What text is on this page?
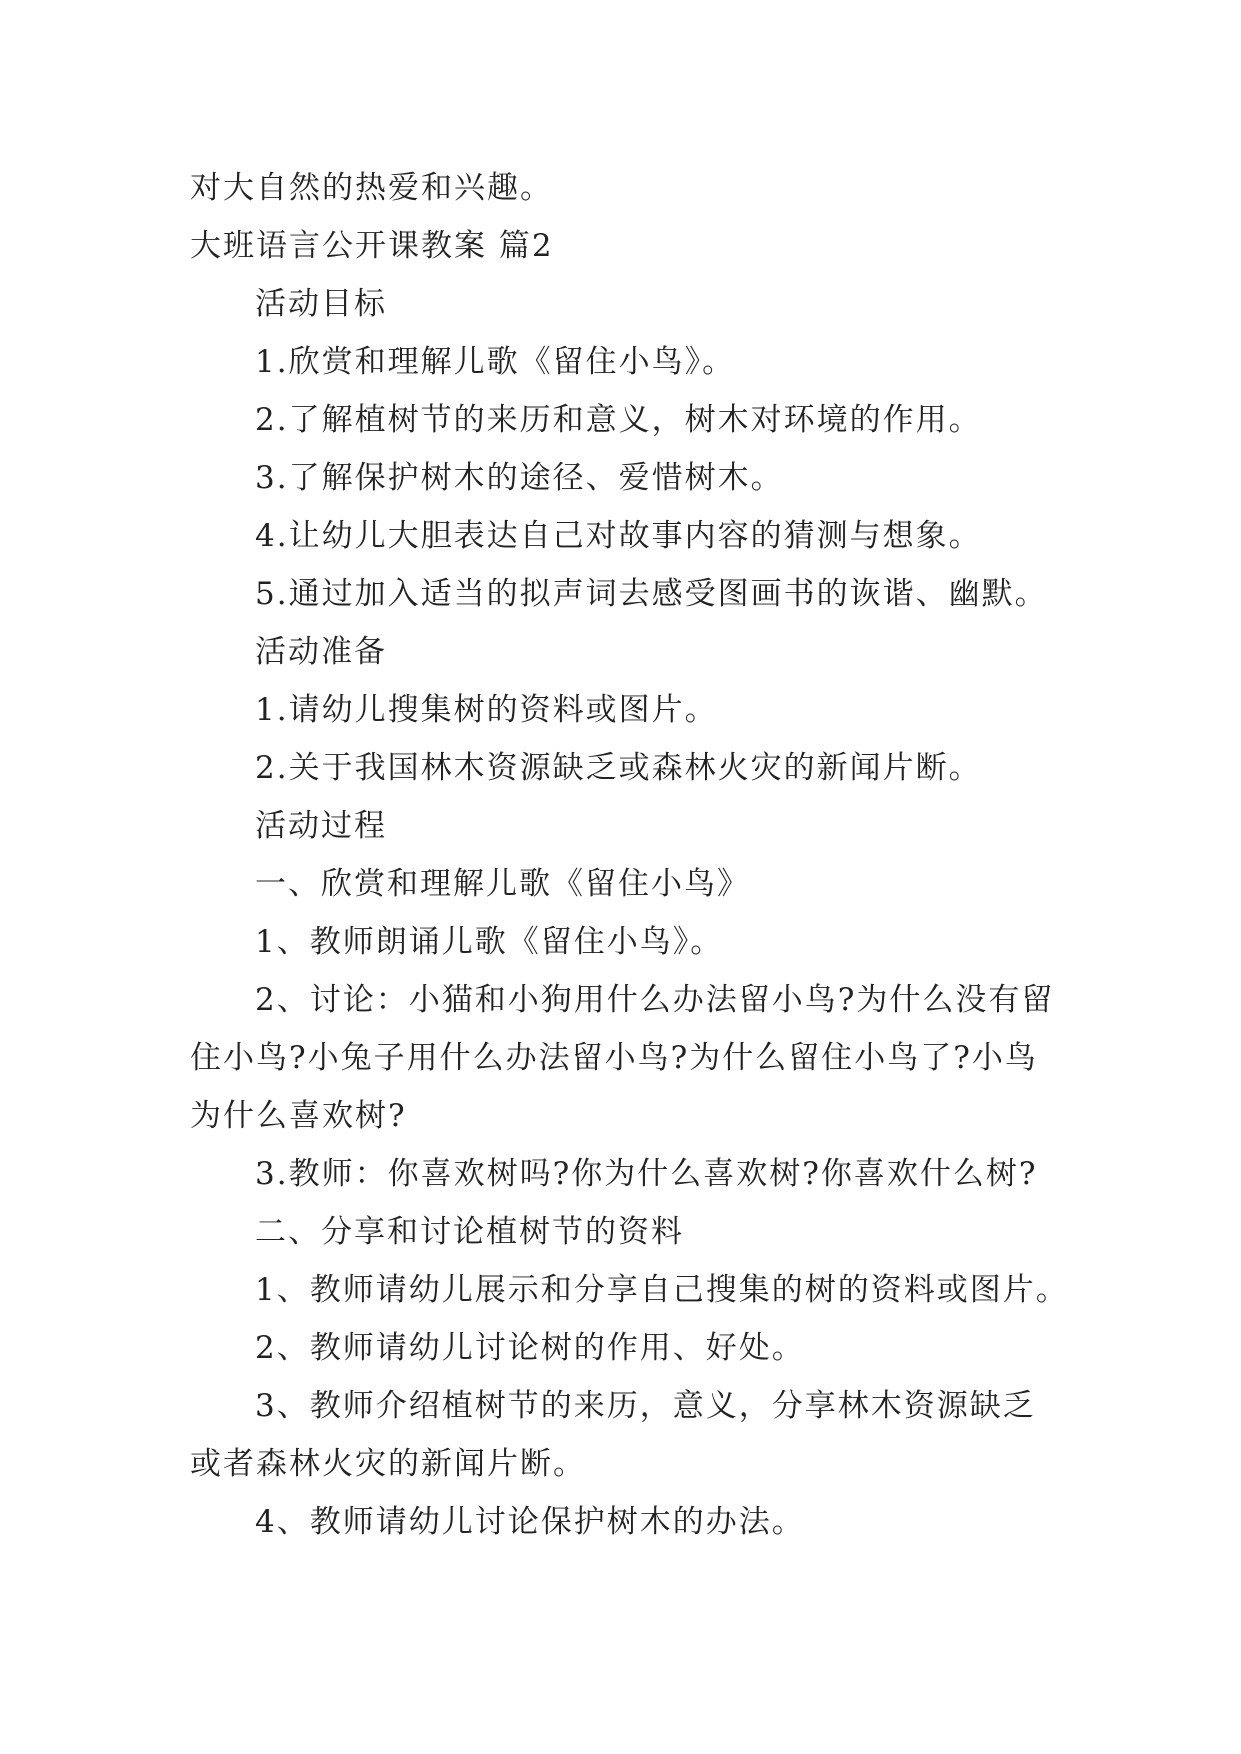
对大自然的热爱和兴趣。
大班语言公开课教案 篇2
活动目标
1.欣赏和理解儿歌《留住小鸟》。
2.了解植树节的来历和意义，树木对环境的作用。
3.了解保护树木的途径、爱惜树木。
4.让幼儿大胆表达自己对故事内容的猜测与想象。
5.通过加入适当的拟声词去感受图画书的诙谐、幽默。
活动准备
1.请幼儿搜集树的资料或图片。
2.关于我国林木资源缺乏或森林火灾的新闻片断。
活动过程
一、欣赏和理解儿歌《留住小鸟》
1、教师朗诵儿歌《留住小鸟》。
2、讨论：小猫和小狗用什么办法留小鸟?为什么没有留
住小鸟?小兔子用什么办法留小鸟?为什么留住小鸟了?小鸟
为什么喜欢树?
3.教师：你喜欢树吗?你为什么喜欢树?你喜欢什么树?
二、分享和讨论植树节的资料
1、教师请幼儿展示和分享自己搜集的树的资料或图片。
2、教师请幼儿讨论树的作用、好处。
3、教师介绍植树节的来历，意义，分享林木资源缺乏
或者森林火灾的新闻片断。
4、教师请幼儿讨论保护树木的办法。
